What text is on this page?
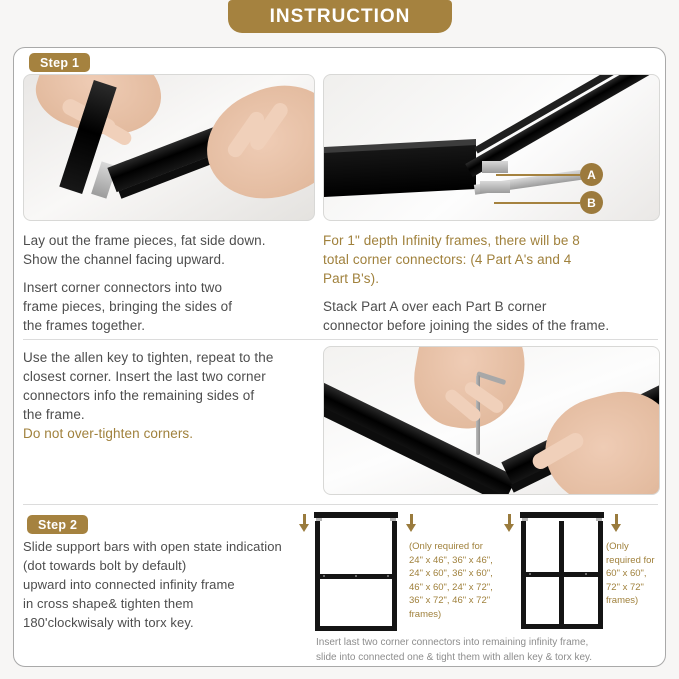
INSTRUCTION
Step 1
A
B
Lay out the frame pieces, fat side down.
Show the channel facing upward.
Insert corner connectors into two
frame pieces, bringing the sides of
the frames together.
For 1" depth Infinity frames, there will be 8
total corner connectors: (4 Part A's and 4
Part B's).
Stack Part A over each Part B corner
connector before joining the sides of the frame.
Use the allen key to tighten, repeat to the
closest corner. Insert the last two corner
connectors info the remaining sides of
the frame.
Do not over-tighten corners.
Step 2
Slide support bars with open state indication
(dot towards bolt by default)
upward into connected infinity frame
in cross shape& tighten them
180'clockwisaly with torx key.
(Only required for
24" x 46", 36" x 46",
24" x 60", 36" x 60",
46" x 60", 24" x 72",
36" x 72", 46" x 72"
frames)
(Only
required for
60" x 60",
72" x 72"
frames)
Insert last two corner connectors into remaining infinity frame,
slide into connected one & tight them with allen key & torx key.
